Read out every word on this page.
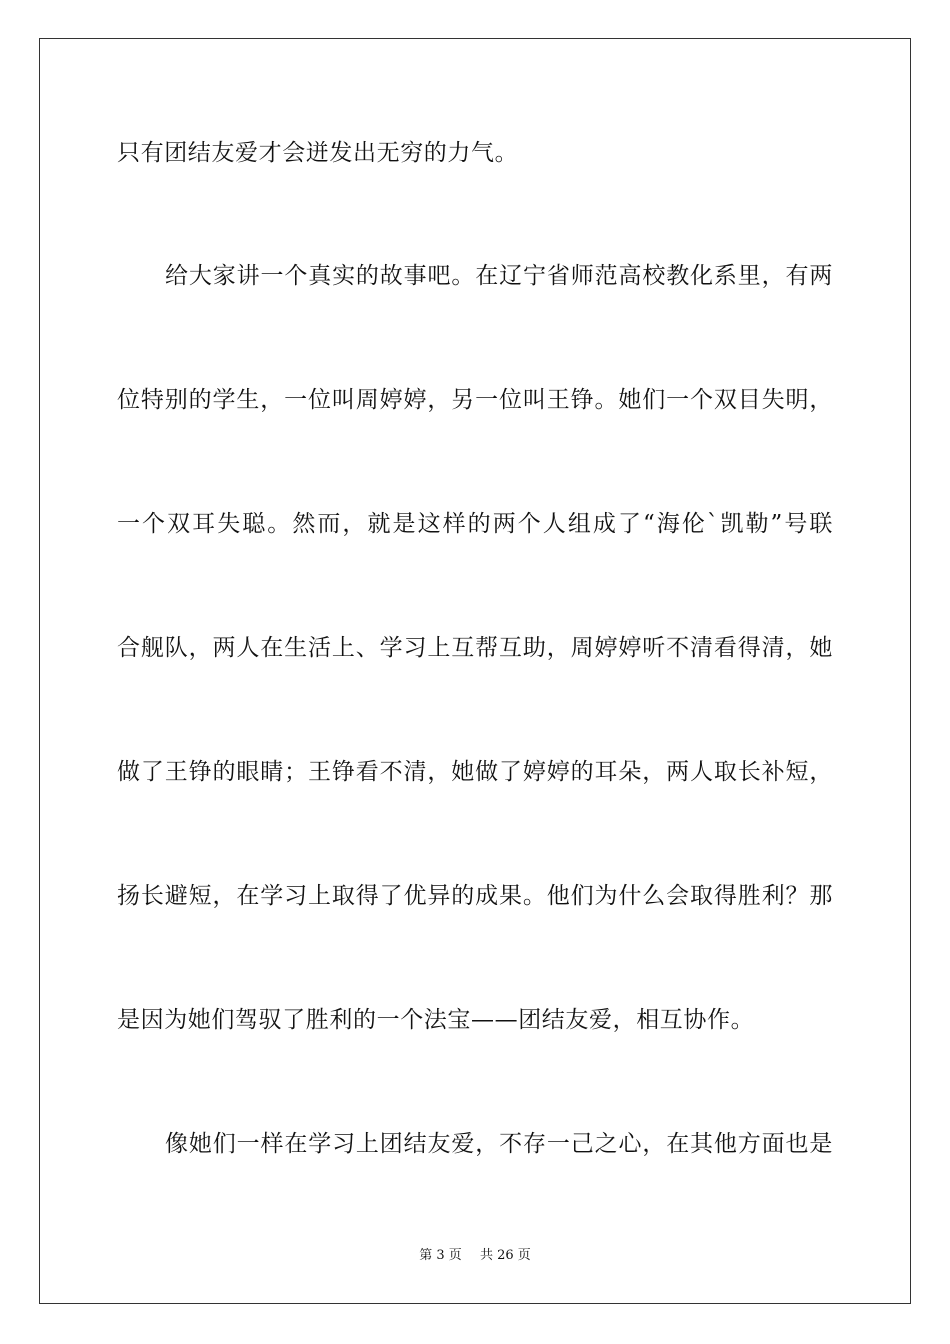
只有团结友爱才会迸发出无穷的力气。
给大家讲一个真实的故事吧。在辽宁省师范高校教化系里，有两
位特别的学生，一位叫周婷婷，另一位叫王铮。她们一个双目失明，
一个双耳失聪。然而，就是这样的两个人组成了“海伦`凯勒”号联
合舰队，两人在生活上、学习上互帮互助，周婷婷听不清看得清，她
做了王铮的眼睛；王铮看不清，她做了婷婷的耳朵，两人取长补短，
扬长避短，在学习上取得了优异的成果。他们为什么会取得胜利？那
是因为她们驾驭了胜利的一个法宝——团结友爱，相互协作。
像她们一样在学习上团结友爱，不存一己之心，在其他方面也是
第 3 页 共 26 页
